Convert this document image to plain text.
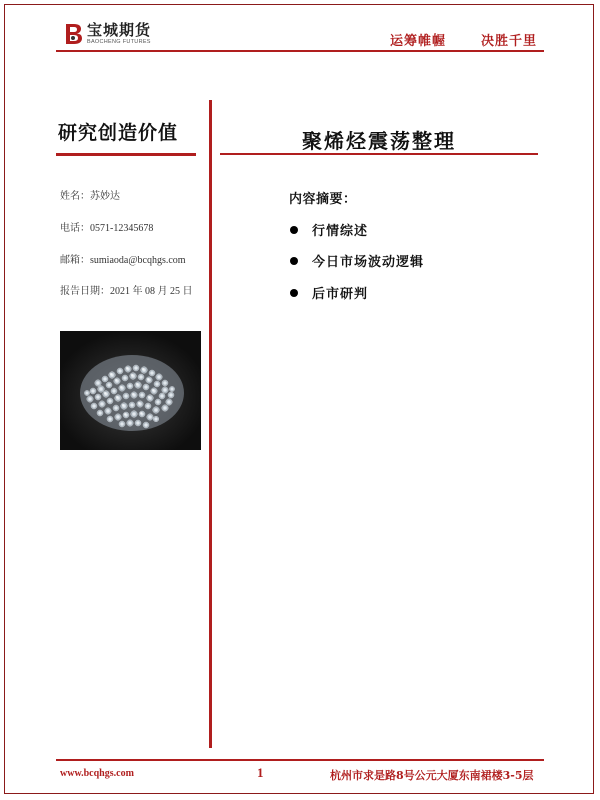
宝城期货
BAOCHENG FUTURES	运筹帷幄	决胜千里
研究创造价值
姓名：苏妙达
电话：0571-12345678
邮箱：sumiaoda@bcqhgs.com
报告日期：2021 年 08 月 25 日
聚烯烃震荡整理
内容摘要：
行情综述
今日市场波动逻辑
后市研判
www.bcqhgs.com	1	杭州市求是路8号公元大厦东南裙楼3-5层
